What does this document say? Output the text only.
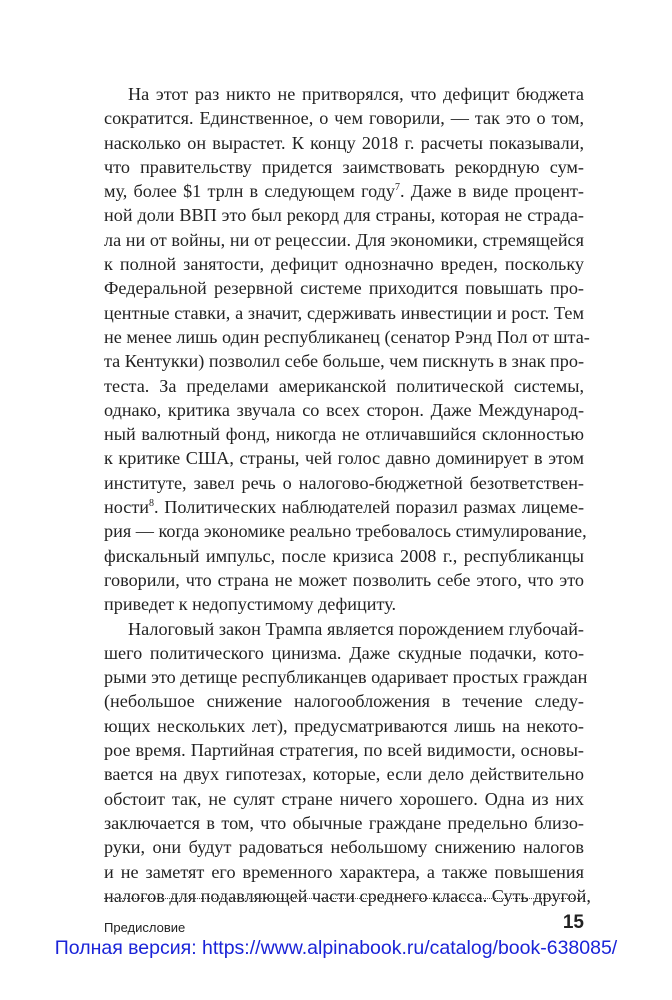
На этот раз никто не притворялся, что дефицит бюджета
сократится. Единственное, о чем говорили, — так это о том,
насколько он вырастет. К концу 2018 г. расчеты показывали,
что правительству придется заимствовать рекордную сум-
му, более $1 трлн в следующем году$^7$. Даже в виде процент-
ной доли ВВП это был рекорд для страны, которая не страда-
ла ни от войны, ни от рецессии. Для экономики, стремящейся
к полной занятости, дефицит однозначно вреден, поскольку
Федеральной резервной системе приходится повышать про-
центные ставки, а значит, сдерживать инвестиции и рост. Тем
не менее лишь один республиканец (сенатор Рэнд Пол от шта-
та Кентукки) позволил себе больше, чем пискнуть в знак про-
теста. За пределами американской политической системы,
однако, критика звучала со всех сторон. Даже Международ-
ный валютный фонд, никогда не отличавшийся склонностью
к критике США, страны, чей голос давно доминирует в этом
институте, завел речь о налогово-бюджетной безответствен-
ности$^8$. Политических наблюдателей поразил размах лицеме-
рия — когда экономике реально требовалось стимулирование,
фискальный импульс, после кризиса 2008 г., республиканцы
говорили, что страна не может позволить себе этого, что это
приведет к недопустимому дефициту.
Налоговый закон Трампа является порождением глубочай-
шего политического цинизма. Даже скудные подачки, кото-
рыми это детище республиканцев одаривает простых граждан
(небольшое снижение налогообложения в течение следу-
ющих нескольких лет), предусматриваются лишь на некото-
рое время. Партийная стратегия, по всей видимости, основы-
вается на двух гипотезах, которые, если дело действительно
обстоит так, не сулят стране ничего хорошего. Одна из них
заключается в том, что обычные граждане предельно близо-
руки, они будут радоваться небольшому снижению налогов
и не заметят его временного характера, а также повышения
налогов для подавляющей части среднего класса. Суть другой,
Предисловие	15
Полная версия: https://www.alpinabook.ru/catalog/book-638085/
